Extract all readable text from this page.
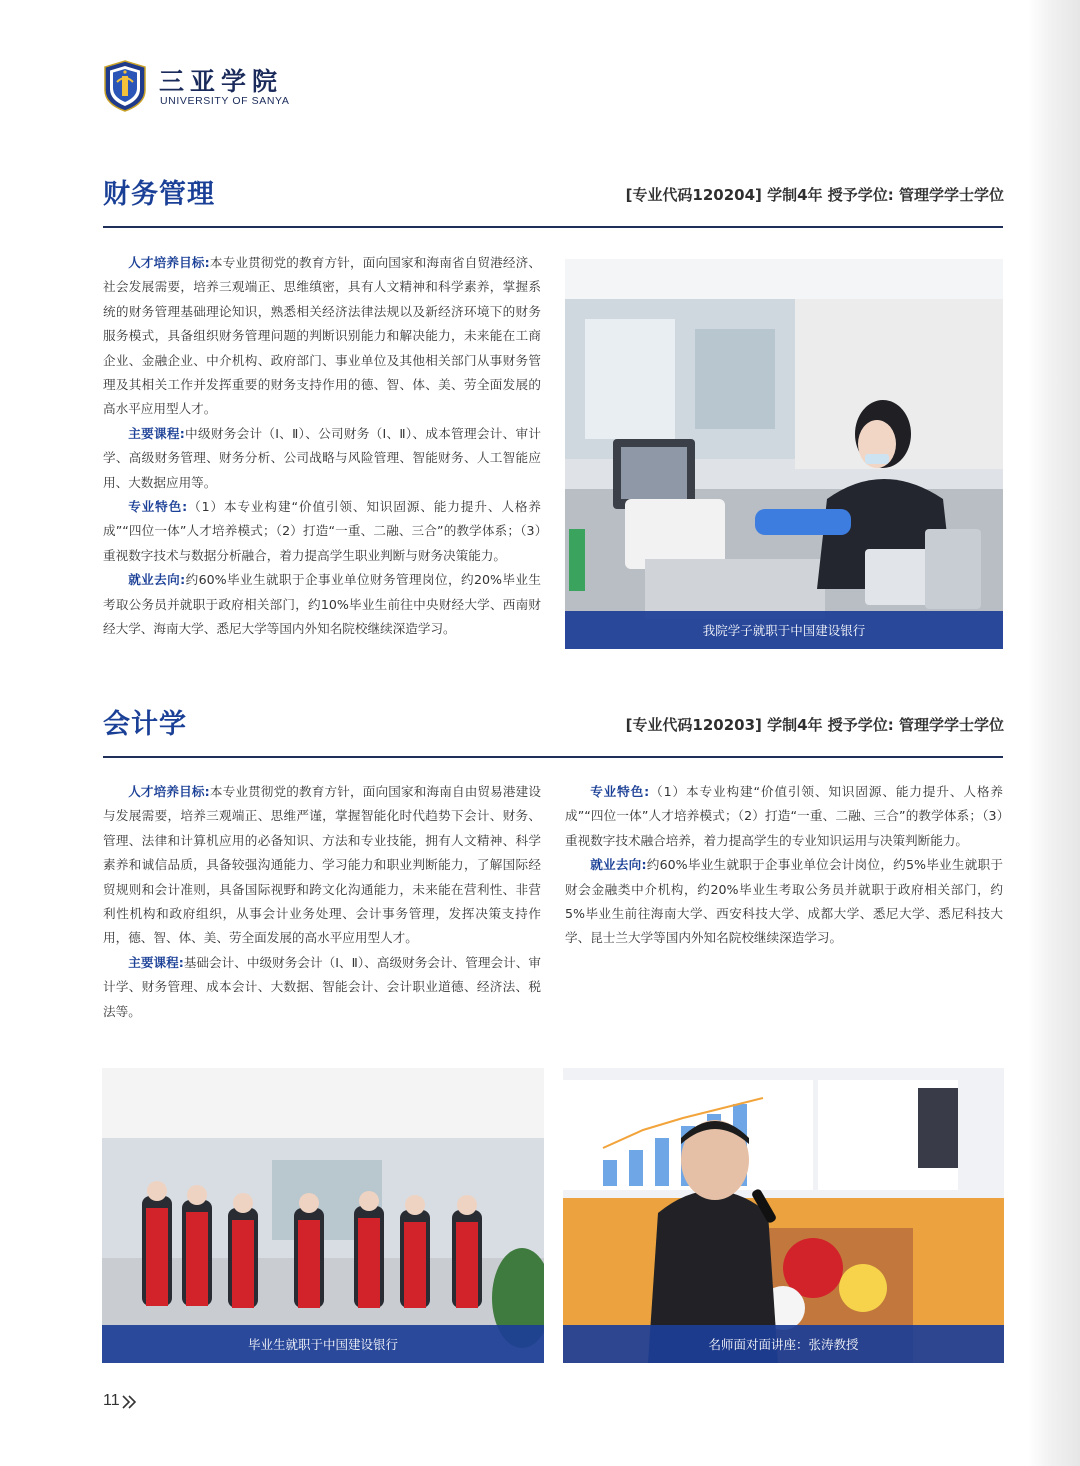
三亚学院
UNIVERSITY OF SANYA
财务管理	[专业代码120204] 学制4年 授予学位: 管理学学士学位

人才培养目标:本专业贯彻党的教育方针，面向国家和海南省自贸港经济、社会发展需要，培养三观端正、思维缜密，具有人文精神和科学素养，掌握系统的财务管理基础理论知识，熟悉相关经济法律法规以及新经济环境下的财务服务模式，具备组织财务管理问题的判断识别能力和解决能力，未来能在工商企业、金融企业、中介机构、政府部门、事业单位及其他相关部门从事财务管理及其相关工作并发挥重要的财务支持作用的德、智、体、美、劳全面发展的高水平应用型人才。

主要课程:中级财务会计（Ⅰ、Ⅱ）、公司财务（Ⅰ、Ⅱ）、成本管理会计、审计学、高级财务管理、财务分析、公司战略与风险管理、智能财务、人工智能应用、大数据应用等。

专业特色:（1）本专业构建“价值引领、知识固源、能力提升、人格养成”“四位一体”人才培养模式；（2）打造“一重、二融、三合”的教学体系；（3）重视数字技术与数据分析融合，着力提高学生职业判断与财务决策能力。

就业去向:约60%毕业生就职于企事业单位财务管理岗位，约20%毕业生考取公务员并就职于政府相关部门，约10%毕业生前往中央财经大学、西南财经大学、海南大学、悉尼大学等国内外知名院校继续深造学习。	我院学子就职于中国建设银行
会计学	[专业代码120203] 学制4年 授予学位: 管理学学士学位

人才培养目标:本专业贯彻党的教育方针，面向国家和海南自由贸易港建设与发展需要，培养三观端正、思维严谨，掌握智能化时代趋势下会计、财务、管理、法律和计算机应用的必备知识、方法和专业技能，拥有人文精神、科学素养和诚信品质，具备较强沟通能力、学习能力和职业判断能力，了解国际经贸规则和会计准则，具备国际视野和跨文化沟通能力，未来能在营利性、非营利性机构和政府组织，从事会计业务处理、会计事务管理，发挥决策支持作用，德、智、体、美、劳全面发展的高水平应用型人才。

主要课程:基础会计、中级财务会计（Ⅰ、Ⅱ）、高级财务会计、管理会计、审计学、财务管理、成本会计、大数据、智能会计、会计职业道德、经济法、税法等。

专业特色:（1）本专业构建“价值引领、知识固源、能力提升、人格养成”“四位一体”人才培养模式；（2）打造“一重、二融、三合”的教学体系；（3）重视数字技术融合培养，着力提高学生的专业知识运用与决策判断能力。

就业去向:约60%毕业生就职于企事业单位会计岗位，约5%毕业生就职于财会金融类中介机构，约20%毕业生考取公务员并就职于政府相关部门，约5%毕业生前往海南大学、西安科技大学、成都大学、悉尼大学、悉尼科技大学、昆士兰大学等国内外知名院校继续深造学习。

毕业生就职于中国建设银行	名师面对面讲座：张涛教授
11
